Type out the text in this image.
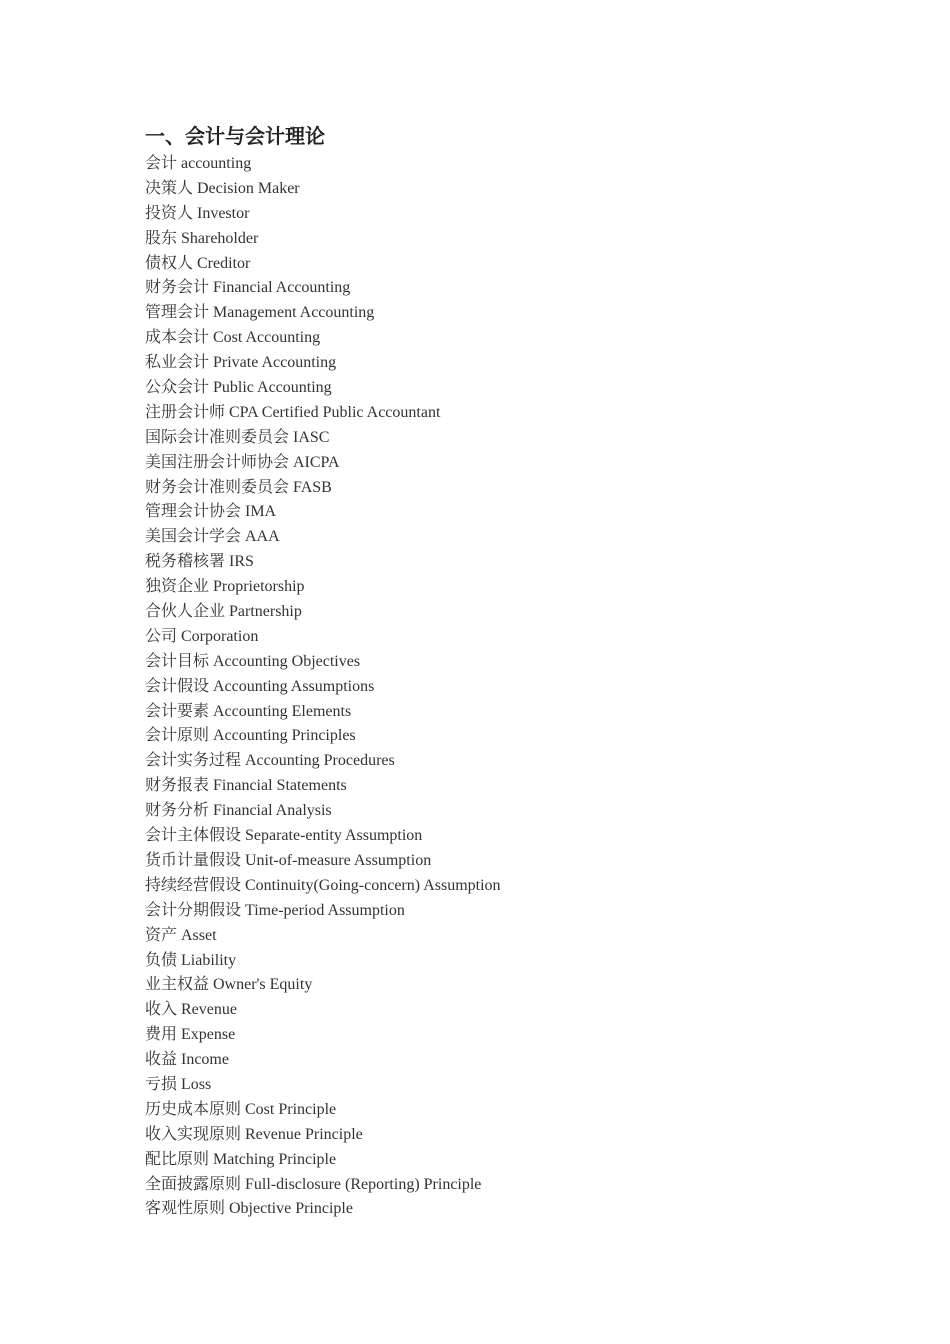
一、会计与会计理论
会计 accounting
决策人 Decision Maker
投资人 Investor
股东 Shareholder
债权人 Creditor
财务会计 Financial Accounting
管理会计 Management Accounting
成本会计 Cost Accounting
私业会计 Private Accounting
公众会计 Public Accounting
注册会计师 CPA Certified Public Accountant
国际会计准则委员会 IASC
美国注册会计师协会 AICPA
财务会计准则委员会 FASB
管理会计协会 IMA
美国会计学会 AAA
税务稽核署 IRS
独资企业 Proprietorship
合伙人企业 Partnership
公司 Corporation
会计目标 Accounting Objectives
会计假设 Accounting Assumptions
会计要素 Accounting Elements
会计原则 Accounting Principles
会计实务过程 Accounting Procedures
财务报表 Financial Statements
财务分析 Financial Analysis
会计主体假设 Separate-entity Assumption
货币计量假设 Unit-of-measure Assumption
持续经营假设 Continuity(Going-concern) Assumption
会计分期假设 Time-period Assumption
资产 Asset
负债 Liability
业主权益 Owner's Equity
收入 Revenue
费用 Expense
收益 Income
亏损 Loss
历史成本原则 Cost Principle
收入实现原则 Revenue Principle
配比原则 Matching Principle
全面披露原则 Full-disclosure (Reporting) Principle
客观性原则 Objective Principle
